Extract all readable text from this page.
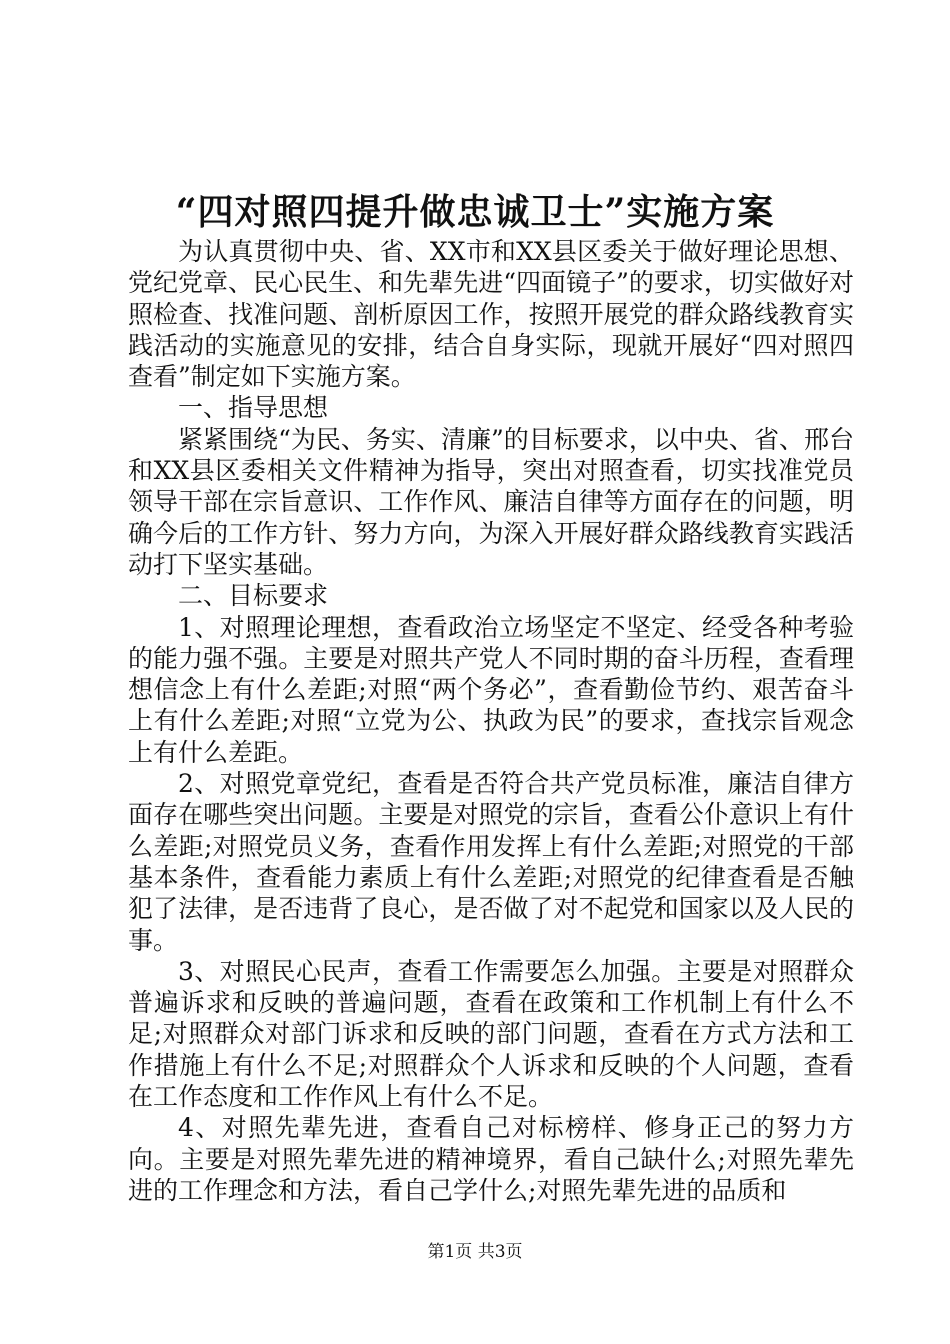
“四对照四提升做忠诚卫士”实施方案

为认真贯彻中央、省、XX市和XX县区委关于做好理论思想、党纪党章、民心民生、和先辈先进“四面镜子”的要求，切实做好对照检查、找准问题、剖析原因工作，按照开展党的群众路线教育实践活动的实施意见的安排，结合自身实际，现就开展好“四对照四查看”制定如下实施方案。

一、指导思想

紧紧围绕“为民、务实、清廉”的目标要求，以中央、省、邢台和XX县区委相关文件精神为指导，突出对照查看，切实找准党员领导干部在宗旨意识、工作作风、廉洁自律等方面存在的问题，明确今后的工作方针、努力方向，为深入开展好群众路线教育实践活动打下坚实基础。

二、目标要求

1、对照理论理想，查看政治立场坚定不坚定、经受各种考验的能力强不强。主要是对照共产党人不同时期的奋斗历程，查看理想信念上有什么差距;对照“两个务必”，查看勤俭节约、艰苦奋斗上有什么差距;对照“立党为公、执政为民”的要求，查找宗旨观念上有什么差距。

2、对照党章党纪，查看是否符合共产党员标准，廉洁自律方面存在哪些突出问题。主要是对照党的宗旨，查看公仆意识上有什么差距;对照党员义务，查看作用发挥上有什么差距;对照党的干部基本条件，查看能力素质上有什么差距;对照党的纪律查看是否触犯了法律，是否违背了良心，是否做了对不起党和国家以及人民的事。

3、对照民心民声，查看工作需要怎么加强。主要是对照群众普遍诉求和反映的普遍问题，查看在政策和工作机制上有什么不足;对照群众对部门诉求和反映的部门问题，查看在方式方法和工作措施上有什么不足;对照群众个人诉求和反映的个人问题，查看在工作态度和工作作风上有什么不足。

4、对照先辈先进，查看自己对标榜样、修身正己的努力方向。主要是对照先辈先进的精神境界，看自己缺什么;对照先辈先进的工作理念和方法，看自己学什么;对照先辈先进的品质和

第1页 共3页
